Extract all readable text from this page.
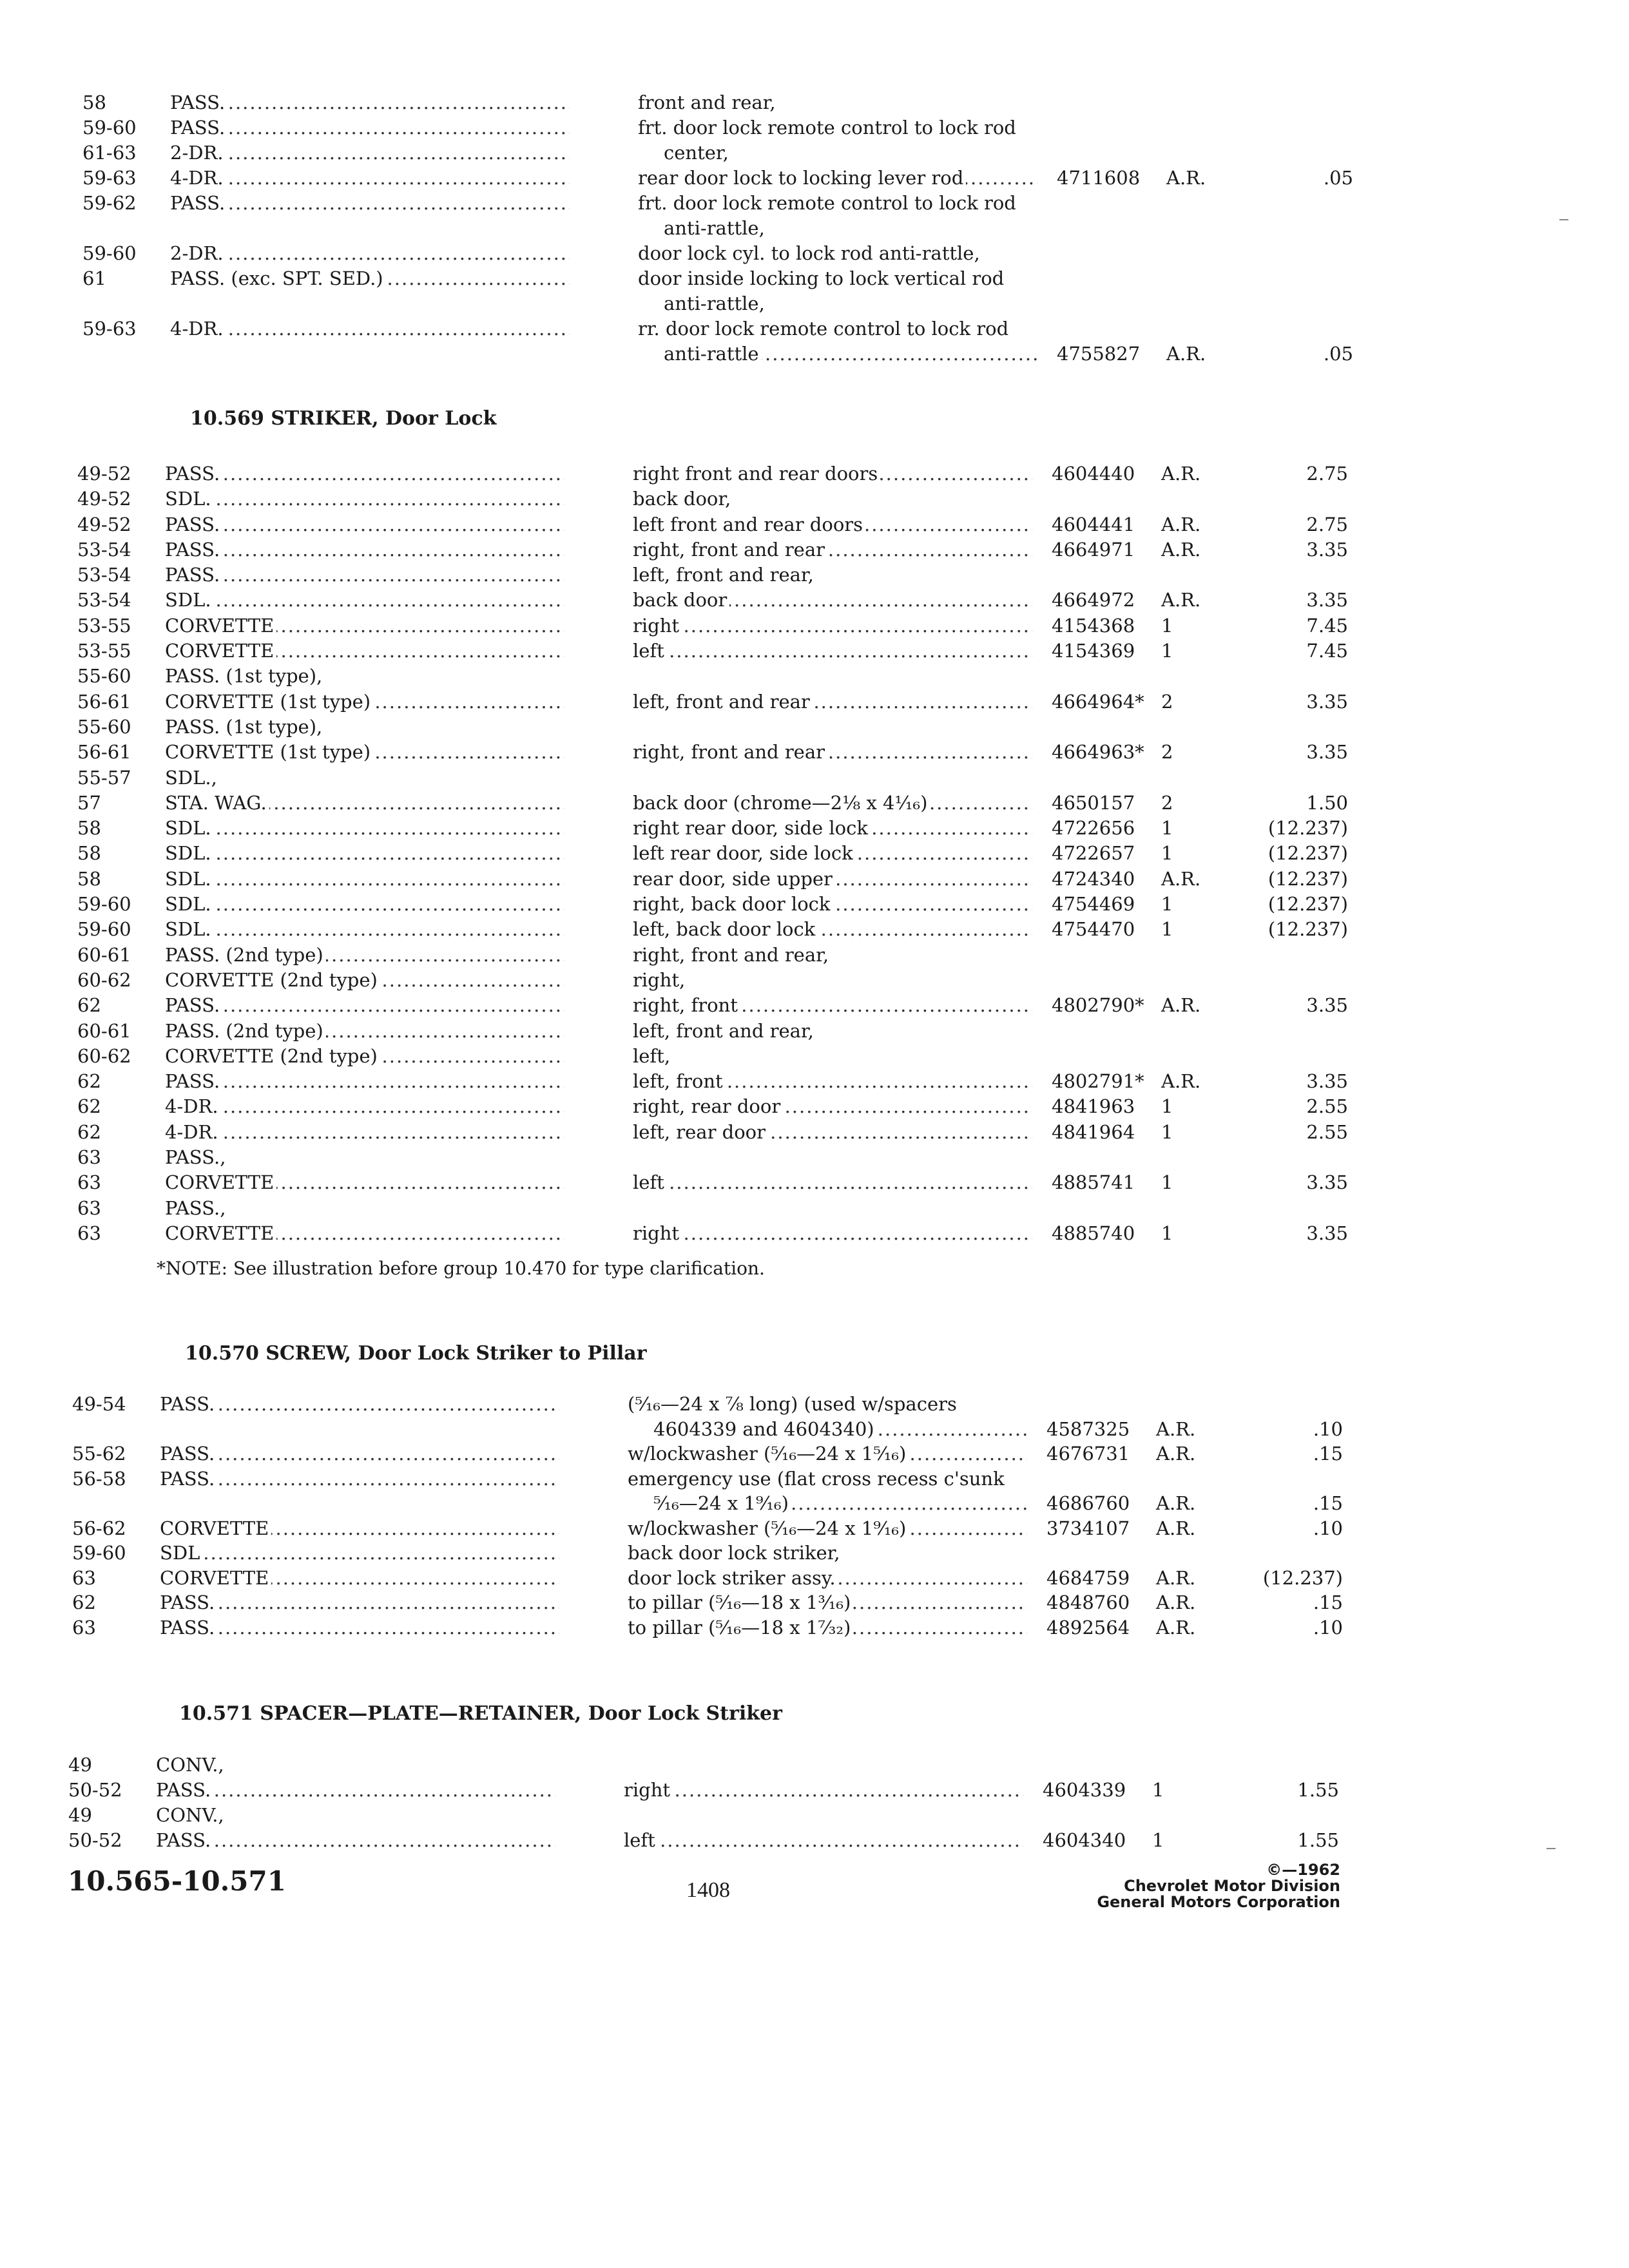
58	PASS. .....	front and rear,
59-60	PASS. .....	frt. door lock remote control to lock rod
61-63	2-DR. .....	center,
59-63	4-DR. .....	rear door lock to locking lever rod .....	4711608	A.R.	.05
59-62	PASS. .....	frt. door lock remote control to lock rod
anti-rattle,
59-60	2-DR. .....	door lock cyl. to lock rod anti-rattle,
61	PASS. (exc. SPT. SED.) .....	door inside locking to lock vertical rod
anti-rattle,
59-63	4-DR. .....	rr. door lock remote control to lock rod
anti-rattle .....	4755827	A.R.	.05
10.569 STRIKER, Door Lock
49-52	PASS. .....	right front and rear doors .....	4604440	A.R.	2.75
49-52	SDL. .....	back door,
49-52	PASS. .....	left front and rear doors .....	4604441	A.R.	2.75
53-54	PASS. .....	right, front and rear .....	4664971	A.R.	3.35
53-54	PASS. .....	left, front and rear,
53-54	SDL. .....	back door .....	4664972	A.R.	3.35
53-55	CORVETTE .....	right .....	4154368	1	7.45
53-55	CORVETTE .....	left .....	4154369	1	7.45
55-60	PASS. (1st type),
56-61	CORVETTE (1st type) .....	left, front and rear .....	4664964* 2	3.35
55-60	PASS. (1st type),
56-61	CORVETTE (1st type) .....	right, front and rear .....	4664963* 2	3.35
55-57	SDL.,
57	STA. WAG. .....	back door (chrome—2⅛ x 4¹⁄₁₆) .....	4650157	2	1.50
58	SDL. .....	right rear door, side lock .....	4722656	1	(12.237)
58	SDL. .....	left rear door, side lock .....	4722657	1	(12.237)
58	SDL. .....	rear door, side upper .....	4724340	A.R.	(12.237)
59-60	SDL. .....	right, back door lock .....	4754469	1	(12.237)
59-60	SDL. .....	left, back door lock .....	4754470	1	(12.237)
60-61	PASS. (2nd type) .....	right, front and rear,
60-62	CORVETTE (2nd type) .....	right,
62	PASS. .....	right, front .....	4802790* A.R.	3.35
60-61	PASS. (2nd type) .....	left, front and rear,
60-62	CORVETTE (2nd type) .....	left,
62	PASS. .....	left, front .....	4802791* A.R.	3.35
62	4-DR. .....	right, rear door .....	4841963	1	2.55
62	4-DR. .....	left, rear door .....	4841964	1	2.55
63	PASS.,
63	CORVETTE .....	left .....	4885741	1	3.35
63	PASS.,
63	CORVETTE .....	right .....	4885740	1	3.35
*NOTE: See illustration before group 10.470 for type clarification.
10.570 SCREW, Door Lock Striker to Pillar
49-54	PASS. .....	(⁵⁄₁₆—24 x ⅞ long) (used w/spacers
4604339 and 4604340) .....	4587325	A.R.	.10
55-62	PASS. .....	w/lockwasher (⁵⁄₁₆—24 x 1⁵⁄₁₆) .....	4676731	A.R.	.15
56-58	PASS. .....	emergency use (flat cross recess c'sunk
⁵⁄₁₆—24 x 1⁹⁄₁₆) .....	4686760	A.R.	.15
56-62	CORVETTE .....	w/lockwasher (⁵⁄₁₆—24 x 1⁹⁄₁₆) .....	3734107	A.R.	.10
59-60	SDL .....	back door lock striker,
63	CORVETTE .....	door lock striker assy. .....	4684759	A.R.	(12.237)
62	PASS. .....	to pillar (⁵⁄₁₆—18 x 1³⁄₁₆) .....	4848760	A.R.	.15
63	PASS. .....	to pillar (⁵⁄₁₆—18 x 1⁷⁄₃₂) .....	4892564	A.R.	.10
10.571 SPACER—PLATE—RETAINER, Door Lock Striker
49	CONV.,
50-52	PASS. .....	right .....	4604339	1	1.55
49	CONV.,
50-52	PASS. .....	left .....	4604340	1	1.55
10.565-10.571	1408
©—1962
Chevrolet Motor Division
General Motors Corporation
